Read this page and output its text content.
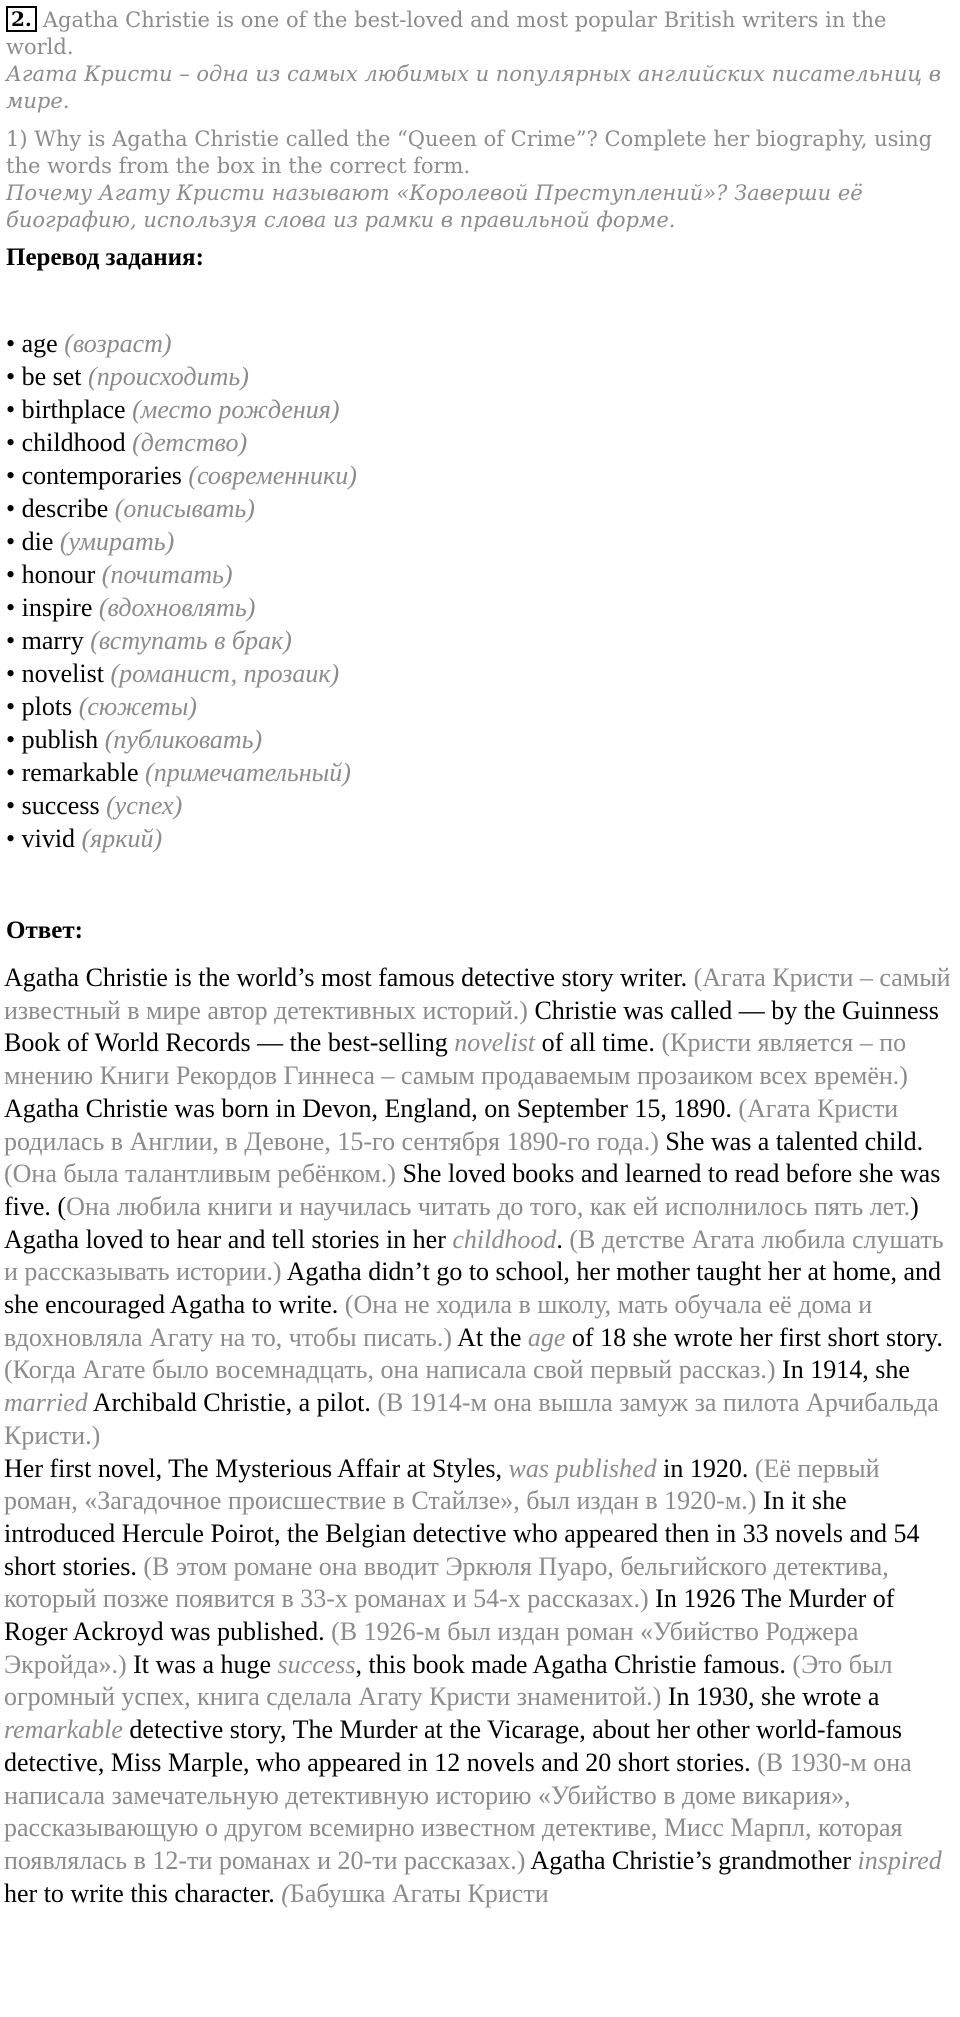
2. Agatha Christie is one of the best-loved and most popular British writers in the world.

Агата Кристи – одна из самых любимых и популярных английских писательниц в мире.

1) Why is Agatha Christie called the “Queen of Crime”? Complete her biography, using the words from the box in the correct form.

Почему Агату Кристи называют «Королевой Преступлений»? Заверши её биографию, используя слова из рамки в правильной форме.

Перевод задания:
• age (возраст)
• be set (происходить)
• birthplace (место рождения)
• childhood (детство)
• contemporaries (современники)
• describe (описывать)
• die (умирать)
• honour (почитать)
• inspire (вдохновлять)
• marry (вступать в брак)
• novelist (романист, прозаик)
• plots (сюжеты)
• publish (публиковать)
• remarkable (примечательный)
• success (успех)
• vivid (яркий)
Ответ:

Agatha Christie is the world’s most famous detective story writer. (Агата Кристи – самый известный в мире автор детективных историй.) Christie was called — by the Guinness Book of World Records — the best-selling novelist of all time. (Кристи является – по мнению Книги Рекордов Гиннеса – самым продаваемым прозаиком всех времён.)

Agatha Christie was born in Devon, England, on September 15, 1890. (Агата Кристи родилась в Англии, в Девоне, 15-го сентября 1890-го года.) She was a talented child. (Она была талантливым ребёнком.) She loved books and learned to read before she was five. (Она любила книги и научилась читать до того, как ей исполнилось пять лет.) Agatha loved to hear and tell stories in her childhood. (В детстве Агата любила слушать и рассказывать истории.) Agatha didn’t go to school, her mother taught her at home, and she encouraged Agatha to write. (Она не ходила в школу, мать обучала её дома и вдохновляла Агату на то, чтобы писать.) At the age of 18 she wrote her first short story. (Когда Агате было восемнадцать, она написала свой первый рассказ.) In 1914, she married Archibald Christie, a pilot. (В 1914-м она вышла замуж за пилота Арчибальда Кристи.)

Her first novel, The Mysterious Affair at Styles, was published in 1920. (Её первый роман, «Загадочное происшествие в Стайлзе», был издан в 1920-м.) In it she introduced Hercule Poirot, the Belgian detective who appeared then in 33 novels and 54 short stories. (В этом романе она вводит Эркюля Пуаро, бельгийского детектива, который позже появится в 33-х романах и 54-х рассказах.) In 1926 The Murder of Roger Ackroyd was published. (В 1926-м был издан роман «Убийство Роджера Экройда».) It was a huge success, this book made Agatha Christie famous. (Это был огромный успех, книга сделала Агату Кристи знаменитой.) In 1930, she wrote a remarkable detective story, The Murder at the Vicarage, about her other world-famous detective, Miss Marple, who appeared in 12 novels and 20 short stories. (В 1930-м она написала замечательную детективную историю «Убийство в доме викария», рассказывающую о другом всемирно известном детективе, Мисс Марпл, которая появлялась в 12-ти романах и 20-ти рассказах.) Agatha Christie’s grandmother inspired her to write this character. (Бабушка Агаты Кристи
